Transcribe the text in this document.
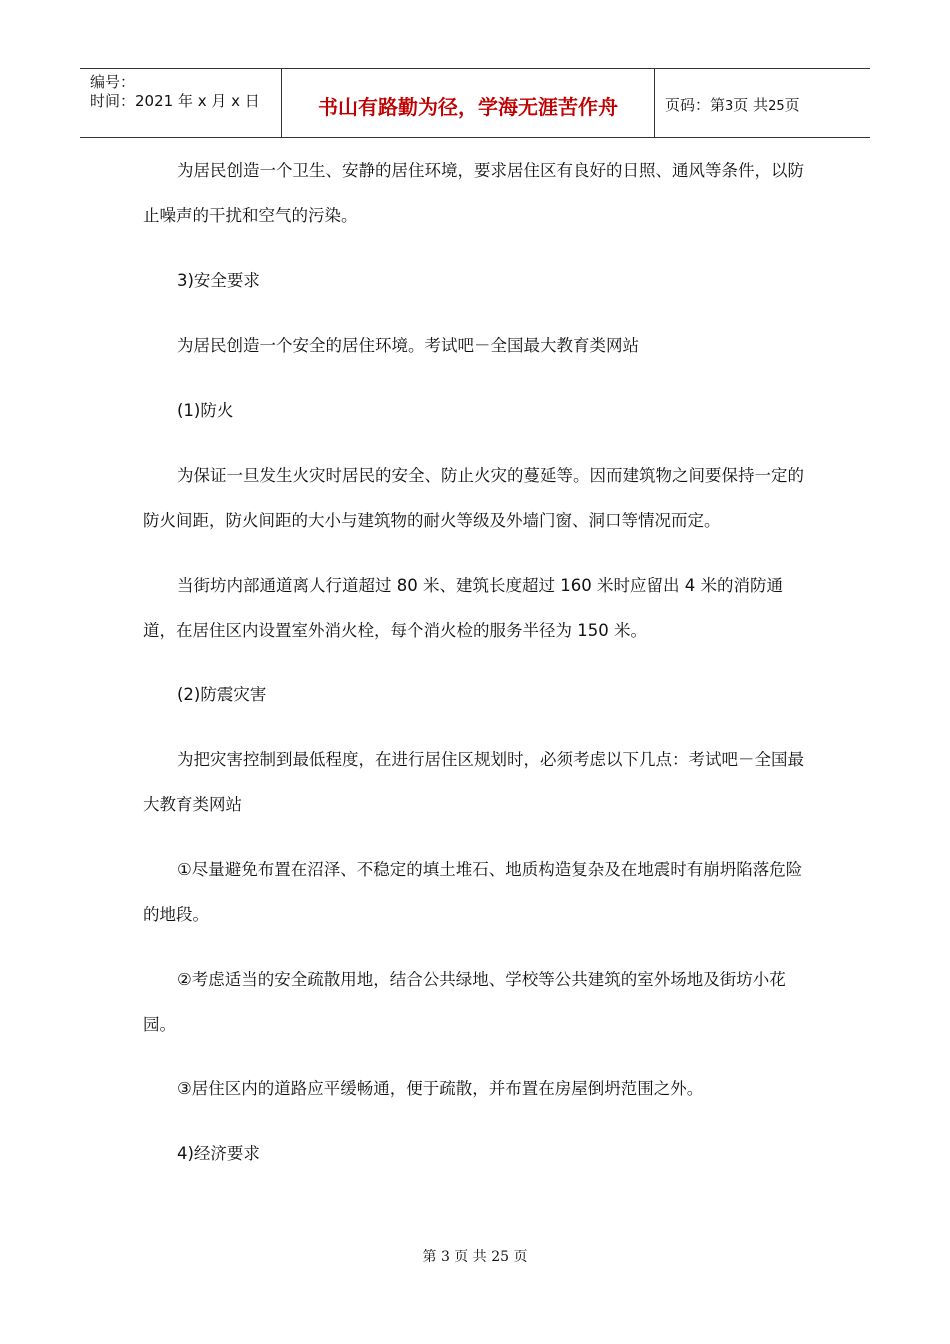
编号：
时间：2021 年 x 月 x 日	书山有路勤为径，学海无涯苦作舟	页码：第3页 共25页
为居民创造一个卫生、安静的居住环境，要求居住区有良好的日照、通风等条件，以防止噪声的干扰和空气的污染。
3)安全要求
为居民创造一个安全的居住环境。考试吧－全国最大教育类网站
(1)防火
为保证一旦发生火灾时居民的安全、防止火灾的蔓延等。因而建筑物之间要保持一定的防火间距，防火间距的大小与建筑物的耐火等级及外墙门窗、洞口等情况而定。
当街坊内部通道离人行道超过 80 米、建筑长度超过 160 米时应留出 4 米的消防通道，在居住区内设置室外消火栓，每个消火检的服务半径为 150 米。
(2)防震灾害
为把灾害控制到最低程度，在进行居住区规划时，必须考虑以下几点：考试吧－全国最大教育类网站
①尽量避免布置在沼泽、不稳定的填土堆石、地质构造复杂及在地震时有崩坍陷落危险的地段。
②考虑适当的安全疏散用地，结合公共绿地、学校等公共建筑的室外场地及街坊小花园。
③居住区内的道路应平缓畅通，便于疏散，并布置在房屋倒坍范围之外。
4)经济要求
第 3 页 共 25 页
